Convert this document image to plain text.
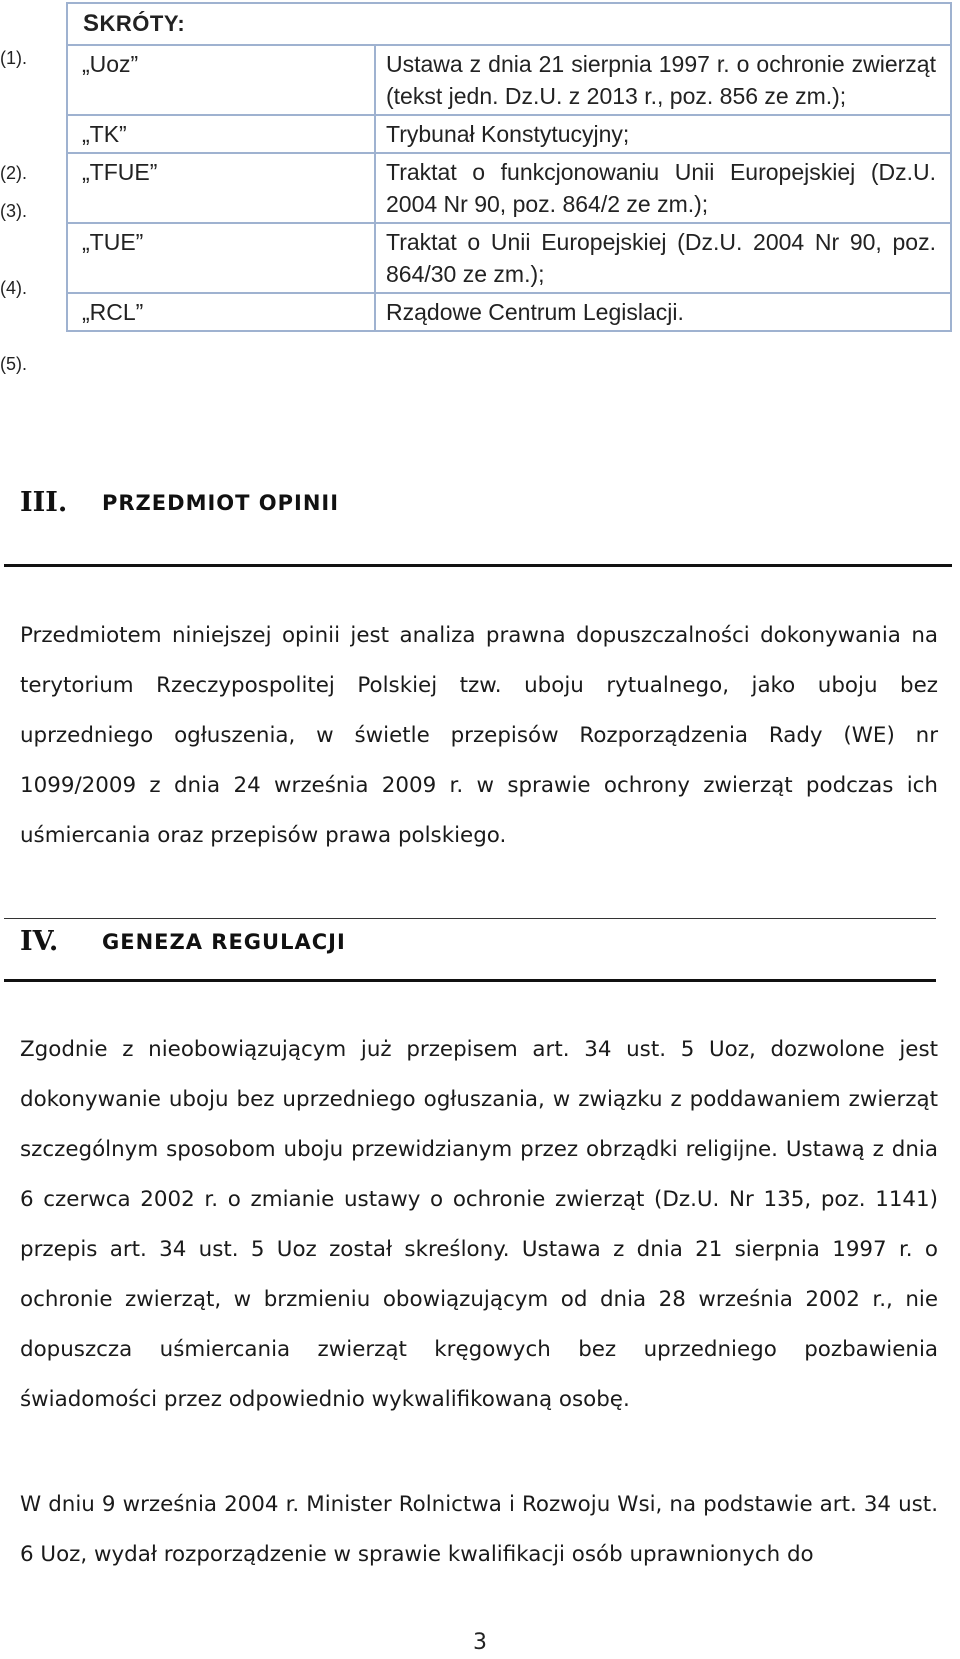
SKRÓTY:	
„Uoz”	Ustawa z dnia 21 sierpnia 1997 r. o ochronie zwierząt (tekst jedn. Dz.U. z 2013 r., poz. 856 ze zm.);
„TK”	Trybunał Konstytucyjny;
„TFUE”	Traktat o funkcjonowaniu Unii Europejskiej (Dz.U. 2004 Nr 90, poz. 864/2 ze zm.);
„TUE”	Traktat o Unii Europejskiej (Dz.U. 2004 Nr 90, poz. 864/30 ze zm.);
„RCL”	Rządowe Centrum Legislacji.
(1).
(2).
(3).
(4).
(5).
III. PRZEDMIOT OPINII

Przedmiotem niniejszej opinii jest analiza prawna dopuszczalności dokonywania na terytorium Rzeczypospolitej Polskiej tzw. uboju rytualnego, jako uboju bez uprzedniego ogłuszenia, w świetle przepisów Rozporządzenia Rady (WE) nr 1099/2009 z dnia 24 września 2009 r. w sprawie ochrony zwierząt podczas ich uśmiercania oraz przepisów prawa polskiego.

IV. GENEZA REGULACJI

Zgodnie z nieobowiązującym już przepisem art. 34 ust. 5 Uoz, dozwolone jest dokonywanie uboju bez uprzedniego ogłuszania, w związku z poddawaniem zwierząt szczególnym sposobom uboju przewidzianym przez obrządki religijne. Ustawą z dnia 6 czerwca 2002 r. o zmianie ustawy o ochronie zwierząt (Dz.U. Nr 135, poz. 1141) przepis art. 34 ust. 5 Uoz został skreślony. Ustawa z dnia 21 sierpnia 1997 r. o ochronie zwierząt, w brzmieniu obowiązującym od dnia 28 września 2002 r., nie dopuszcza uśmiercania zwierząt kręgowych bez uprzedniego pozbawienia świadomości przez odpowiednio wykwalifikowaną osobę.

W dniu 9 września 2004 r. Minister Rolnictwa i Rozwoju Wsi, na podstawie art. 34 ust. 6 Uoz, wydał rozporządzenie w sprawie kwalifikacji osób uprawnionych do

3
